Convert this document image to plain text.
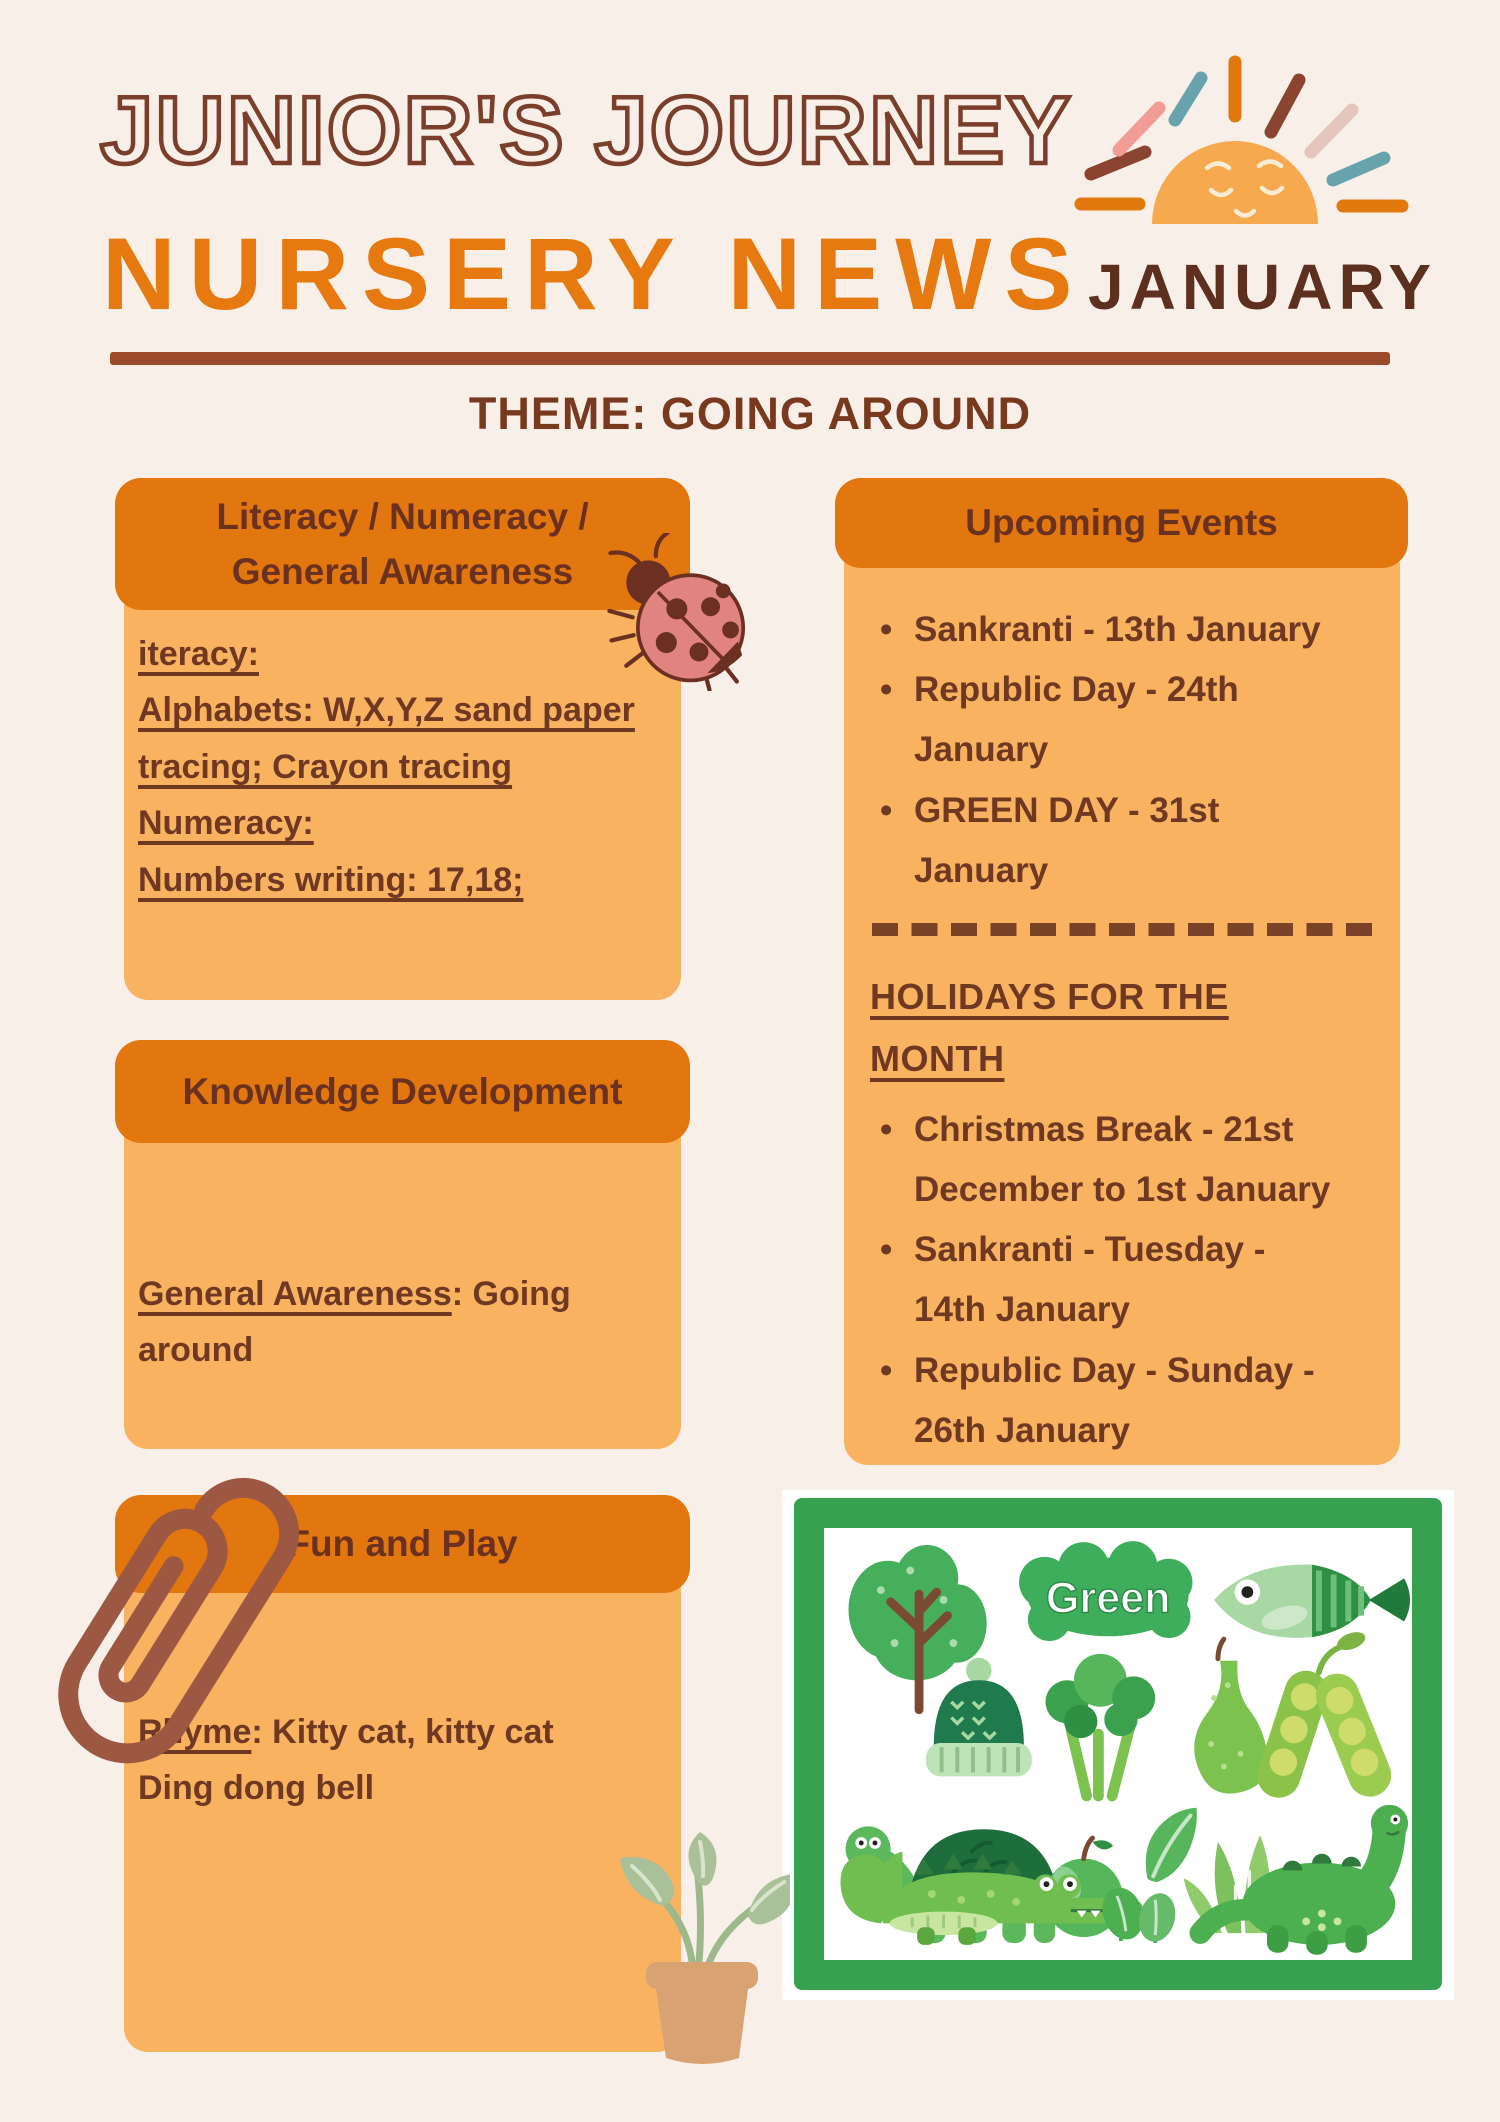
JUNIOR'S JOURNEY
NURSERY NEWS JANUARY
THEME: GOING AROUND
Literacy / Numeracy / General Awareness
iteracy:
Alphabets: W,X,Y,Z sand paper tracing; Crayon tracing
Numeracy:
Numbers writing: 17,18;
Knowledge Development
General Awareness: Going around
Fun and Play
Rhyme: Kitty cat, kitty cat Ding dong bell
Upcoming Events
• Sankranti - 13th January
• Republic Day - 24th January
• GREEN DAY - 31st January
HOLIDAYS FOR THE MONTH
• Christmas Break - 21st December to 1st January
• Sankranti - Tuesday - 14th January
• Republic Day - Sunday - 26th January
Green
